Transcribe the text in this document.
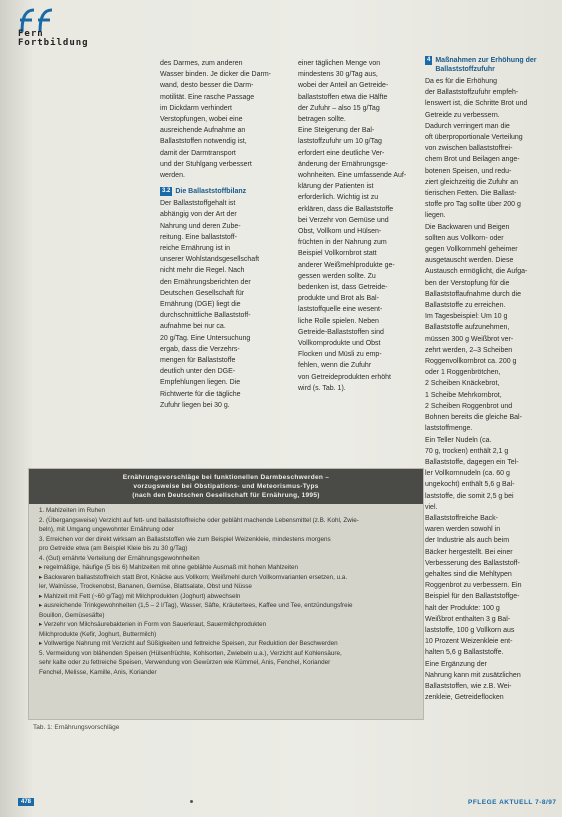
Fern
Fortbildung

des Darmes, zum anderen

Wasser binden. Je dicker die Darm-

wand, desto besser die Darm-

motilität. Eine rasche Passage

im Dickdarm verhindert

Verstopfungen, wobei eine

ausreichende Aufnahme an

Ballaststoffen notwendig ist,

damit der Darmtransport

und der Stuhlgang verbessert

werden.

3.2 Die Ballaststoffbilanz

Der Ballaststoffgehalt ist

abhängig von der Art der

Nahrung und deren Zube-

reitung. Eine ballaststoff-

reiche Ernährung ist in

unserer Wohlstandsgesellschaft

nicht mehr die Regel. Nach

den Ernährungsberichten der

Deutschen Gesellschaft für

Ernährung (DGE) liegt die

durchschnittliche Ballaststoff-

aufnahme bei nur ca.

20 g/Tag. Eine Untersuchung

ergab, dass die Verzehrs-

mengen für Ballaststoffe

deutlich unter den DGE-

Empfehlungen liegen. Die

Richtwerte für die tägliche

Zufuhr liegen bei 30 g.

einer täglichen Menge von

mindestens 30 g/Tag aus,

wobei der Anteil an Getreide-

ballaststoffen etwa die Hälfte

der Zufuhr – also 15 g/Tag

betragen sollte.

Eine Steigerung der Bal-

laststoffzufuhr um 10 g/Tag

erfordert eine deutliche Ver-

änderung der Ernährungsge-

wohnheiten. Eine umfassende Auf-

klärung der Patienten ist

erforderlich. Wichtig ist zu

erklären, dass die Ballaststoffe

bei Verzehr von Gemüse und

Obst, Vollkorn und Hülsen-

früchten in der Nahrung zum

Beispiel Vollkornbrot statt

anderer Weißmehlprodukte ge-

gessen werden sollte. Zu

bedenken ist, dass Getreide-

produkte und Brot als Bal-

laststoffquelle eine wesent-

liche Rolle spielen. Neben

Getreide-Ballaststoffen sind

Vollkornprodukte und Obst

Flocken und Müsli zu emp-

fehlen, wenn die Zufuhr

von Getreideprodukten erhöht

wird (s. Tab. 1).

4 Maßnahmen zur Erhöhung der Ballaststoffzufuhr

Da es für die Erhöhung

der Ballaststoffzufuhr empfeh-

lenswert ist, die Schritte Brot und

Getreide zu verbessern.

Dadurch verringert man die

oft überproportionale Verteilung

von zwischen ballaststoffrei-

chem Brot und Beilagen ange-

botenen Speisen, und redu-

ziert gleichzeitig die Zufuhr an

tierischen Fetten. Die Ballast-

stoffe pro Tag sollte über 200 g

liegen.

Die Backwaren und Beigen

sollten aus Vollkorn- oder

gegen Vollkornmehl geheimer

ausgetauscht werden. Diese

Austausch ermöglicht, die Aufga-

ben der Verstopfung für die

Ballaststoffaufnahme durch die

Ballaststoffe zu erreichen.

Im Tagesbeispiel: Um 10 g

Ballaststoffe aufzunehmen,

müssen 300 g Weißbrot ver-

zehrt werden, 2–3 Scheiben

Roggenvollkornbrot ca. 200 g

oder 1 Roggenbrötchen,

2 Scheiben Knäckebrot,

1 Scheibe Mehrkornbrot,

2 Scheiben Roggenbrot und

Bohnen bereits die gleiche Bal-

laststoffmenge.

Ein Teller Nudeln (ca.

70 g, trocken) enthält 2,1 g

Ballaststoffe, dagegen ein Tel-

ler Vollkornnudeln (ca. 60 g

ungekocht) enthält 5,6 g Bal-

laststoffe, die somit 2,5 g bei

viel.

Ballaststoffreiche Back-

waren werden sowohl in

der Industrie als auch beim

Bäcker hergestellt. Bei einer

Verbesserung des Ballaststoff-

gehaltes sind die Mehltypen

Roggenbrot zu verbessern. Ein

Beispiel für den Ballaststoffge-

halt der Produkte: 100 g

Weißbrot enthalten 3 g Bal-

laststoffe, 100 g Vollkorn aus

10 Prozent Weizenkleie ent-

halten 5,6 g Ballaststoffe.

Eine Ergänzung der

Nahrung kann mit zusätzlichen

Ballaststoffen, wie z.B. Wei-

zenkleie, Getreideflocken

Ernährungsvorschläge bei funktionellen Darmbeschwerden –
vorzugsweise bei Obstipations- und Meteorismus-Typs
(nach den Deutschen Gesellschaft für Ernährung, 1995)
1. Mahlzeiten im Ruhen
2. (Übergangsweise) Verzicht auf fett- und ballaststoffreiche oder gebläht machende Lebensmittel (z.B. Kohl, Zwie-
beln), mit Umgang ungewohnter Ernährung oder
3. Erreichen vor der direkt wirksam an Ballaststoffen wie zum Beispiel Weizenkleie, mindestens morgens
pro Getreide etwa (am Beispiel Kleie bis zu 30 g/Tag)
4. (Gut) ernährte Verteilung der Ernährungsgewohnheiten
▸ regelmäßige, häufige (5 bis 6) Mahlzeiten mit ohne geblähte Ausmaß mit hohen Mahlzeiten
▸ Backwaren ballaststoffreich statt Brot, Knäcke aus Vollkorn; Weißmehl durch Vollkornvarianten ersetzen, u.a.
ler, Walnüsse, Trockenobst, Bananen, Gemüse, Blattsalate, Obst und Nüsse
▸ Mahlzeit mit Fett (~60 g/Tag) mit Milchprodukten (Joghurt) abwechseln
▸ ausreichende Trinkgewohnheiten (1,5 – 2 l/Tag), Wasser, Säfte, Kräutertees, Kaffee und Tee, entzündungsfreie
Bouillon, Gemüsesäfte)
▸ Verzehr von Milchsäurebakterien in Form von Sauerkraut, Sauermilchprodukten
Milchprodukte (Kefir, Joghurt, Buttermilch)
▸ Vollwertige Nahrung mit Verzicht auf Süßigkeiten und fettreiche Speisen, zur Reduktion der Beschwerden
5. Vermeidung von blähenden Speisen (Hülsenfrüchte, Kohlsorten, Zwiebeln u.a.), Verzicht auf Kohlensäure,
sehr kalte oder zu fettreiche Speisen, Verwendung von Gewürzen wie Kümmel, Anis, Fenchel, Koriander
Fenchel, Melisse, Kamille, Anis, Koriander
Tab. 1: Ernährungsvorschläge
478	PFLEGE AKTUELL 7-8/97
